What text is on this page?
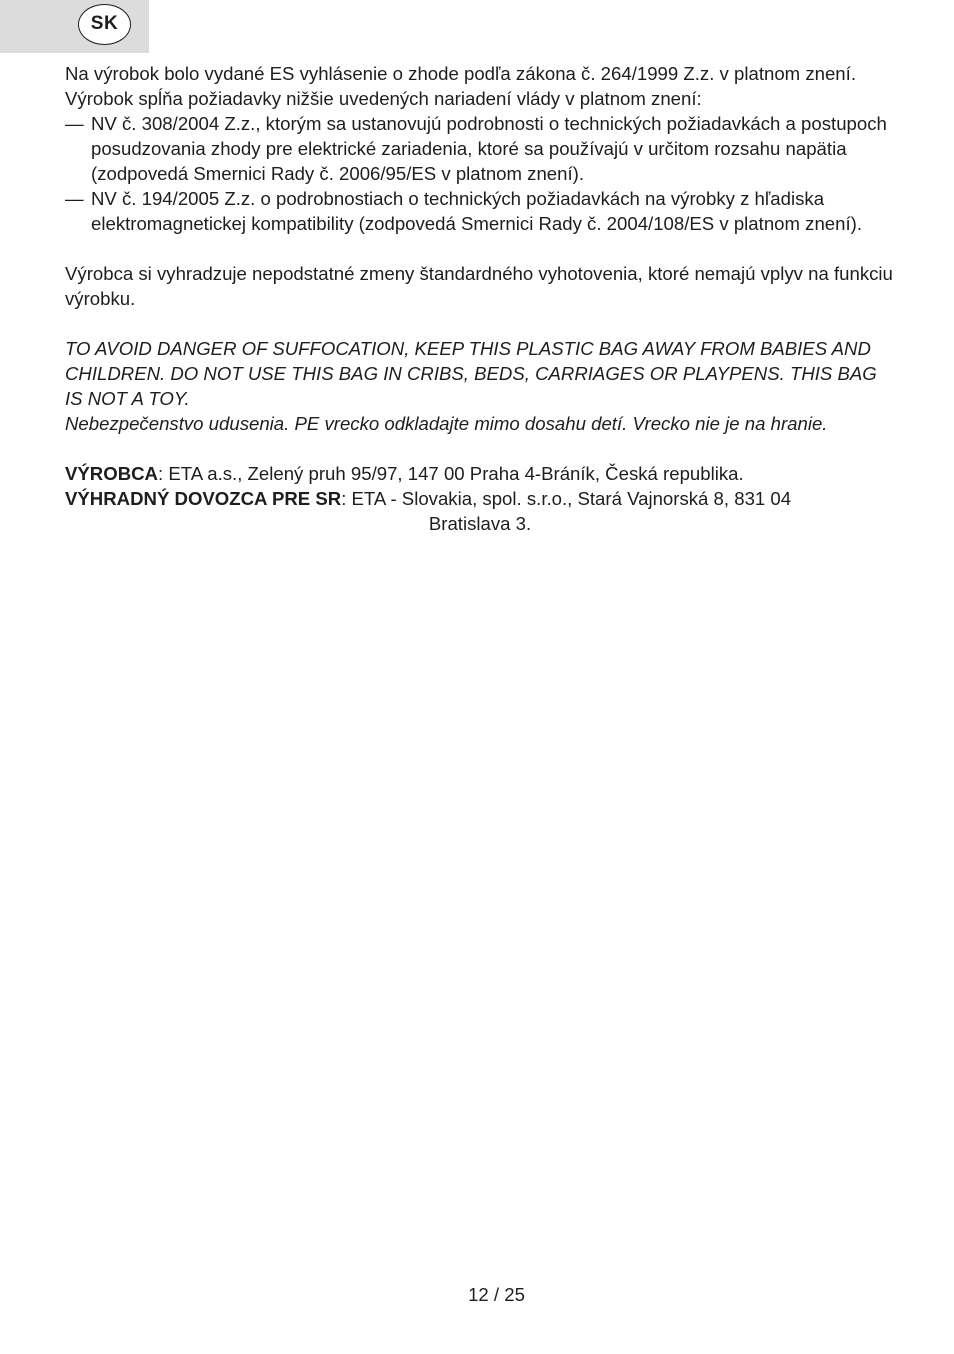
SK

Na výrobok bolo vydané ES vyhlásenie o zhode podľa zákona č. 264/1999 Z.z. v platnom znení. Výrobok spĺňa požiadavky nižšie uvedených nariadení vlády v platnom znení:

— NV č. 308/2004 Z.z., ktorým sa ustanovujú podrobnosti o technických požiadavkách a postupoch posudzovania zhody pre elektrické zariadenia, ktoré sa používajú v určitom rozsahu napätia (zodpovedá Smernici Rady č. 2006/95/ES v platnom znení).
— NV č. 194/2005 Z.z. o podrobnostiach o technických požiadavkách na výrobky z hľadiska elektromagnetickej kompatibility (zodpovedá Smernici Rady č. 2004/108/ES v platnom znení).

Výrobca si vyhradzuje nepodstatné zmeny štandardného vyhotovenia, ktoré nemajú vplyv na funkciu výrobku.

TO AVOID DANGER OF SUFFOCATION, KEEP THIS PLASTIC BAG AWAY FROM BABIES AND CHILDREN. DO NOT USE THIS BAG IN CRIBS, BEDS, CARRIAGES OR PLAYPENS. THIS BAG IS NOT A TOY.

Nebezpečenstvo udusenia. PE vrecko odkladajte mimo dosahu detí. Vrecko nie je na hranie.

VÝROBCA: ETA a.s., Zelený pruh 95/97, 147 00 Praha 4-Bráník, Česká republika.

VÝHRADNÝ DOVOZCA PRE SR: ETA - Slovakia, spol. s.r.o., Stará Vajnorská 8, 831 04

Bratislava 3.

12 / 25
